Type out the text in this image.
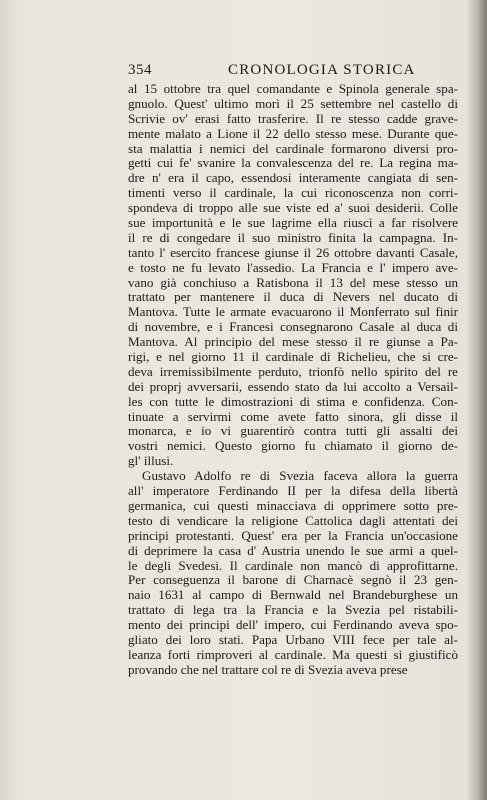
354	CRONOLOGIA STORICA
al 15 ottobre tra quel comandante e Spinola generale spa-
gnuolo. Quest' ultimo morì il 25 settembre nel castello di
Scrivie ov' erasi fatto trasferire. Il re stesso cadde grave-
mente malato a Lione il 22 dello stesso mese. Durante que-
sta malattia i nemici del cardinale formarono diversi pro-
getti cui fe' svanire la convalescenza del re. La regina ma-
dre n' era il capo, essendosi interamente cangiata di sen-
timenti verso il cardinale, la cui riconoscenza non corri-
spondeva di troppo alle sue viste ed a' suoi desiderii. Colle
sue importunità e le sue lagrime ella riuscì a far risolvere
il re di congedare il suo ministro finita la campagna. In-
tanto l' esercito francese giunse il 26 ottobre davanti Casale,
e tosto ne fu levato l'assedio. La Francia e l' impero ave-
vano già conchiuso a Ratisbona il 13 del mese stesso un
trattato per mantenere il duca di Nevers nel ducato di
Mantova. Tutte le armate evacuarono il Monferrato sul finir
di novembre, e i Francesi consegnarono Casale al duca di
Mantova. Al principio del mese stesso il re giunse a Pa-
rigi, e nel giorno 11 il cardinale di Richelieu, che si cre-
deva irremissibilmente perduto, trionfò nello spirito del re
dei proprj avversarii, essendo stato da lui accolto a Versail-
les con tutte le dimostrazioni di stima e confidenza. Con-
tinuate a servirmi come avete fatto sinora, gli disse il
monarca, e io vi guarentirò contra tutti gli assalti dei
vostri nemici. Questo giorno fu chiamato il giorno de-
gl' illusi.
Gustavo Adolfo re di Svezia faceva allora la guerra
all' imperatore Ferdinando II per la difesa della libertà
germanica, cui questi minacciava di opprimere sotto pre-
testo di vendicare la religione Cattolica dagli attentati dei
principi protestanti. Quest' era per la Francia un'occasione
di deprimere la casa d' Austria unendo le sue armi a quel-
le degli Svedesi. Il cardinale non mancò di approfittarne.
Per conseguenza il barone di Charnacè segnò il 23 gen-
naio 1631 al campo di Bernwald nel Brandeburghese un
trattato di lega tra la Francia e la Svezia pel ristabili-
mento dei principi dell' impero, cui Ferdinando aveva spo-
gliato dei loro stati. Papa Urbano VIII fece per tale al-
leanza forti rimproveri al cardinale. Ma questi si giustificò
provando che nel trattare col re di Svezia aveva prese
